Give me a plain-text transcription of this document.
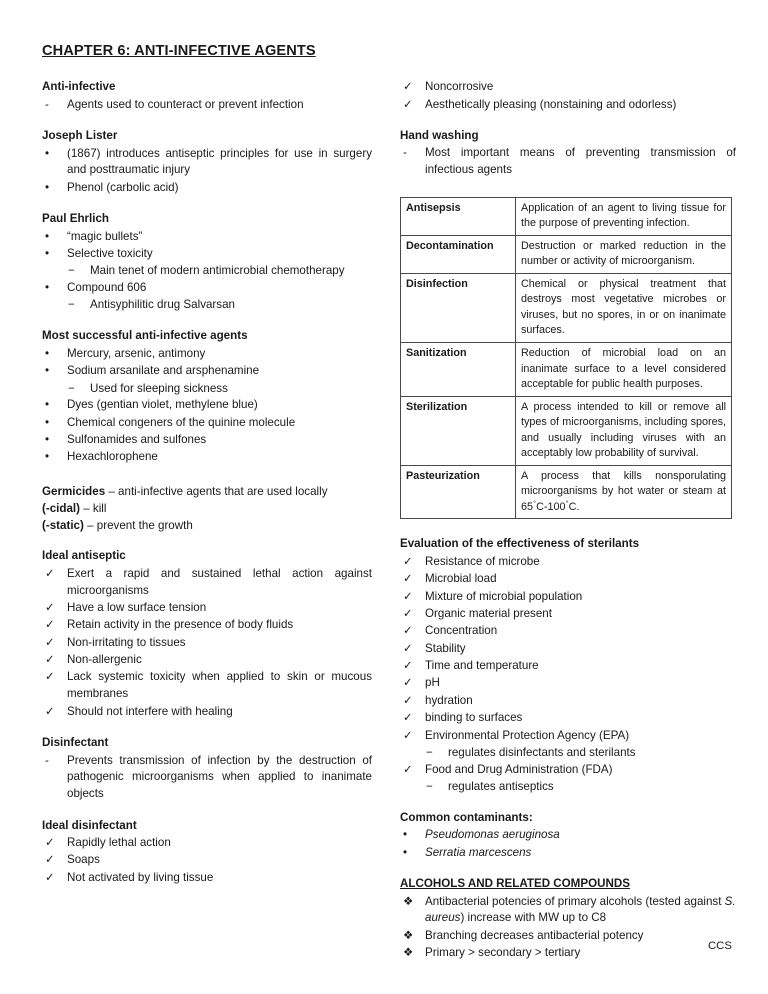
CHAPTER 6: ANTI-INFECTIVE AGENTS
Anti-infective
-	Agents used to counteract or prevent infection
Joseph Lister
•	(1867) introduces antiseptic principles for use in surgery and posttraumatic injury
•	Phenol (carbolic acid)
Paul Ehrlich
•	“magic bullets”
•	Selective toxicity
− Main tenet of modern antimicrobial chemotherapy
•	Compound 606
− Antisyphilitic drug Salvarsan
Most successful anti-infective agents
•	Mercury, arsenic, antimony
•	Sodium arsanilate and arsphenamine
− Used for sleeping sickness
•	Dyes (gentian violet, methylene blue)
•	Chemical congeners of the quinine molecule
•	Sulfonamides and sulfones
•	Hexachlorophene
Germicides – anti-infective agents that are used locally
(-cidal) – kill
(-static) – prevent the growth
Ideal antiseptic
✓	Exert a rapid and sustained lethal action against microorganisms
✓	Have a low surface tension
✓	Retain activity in the presence of body fluids
✓	Non-irritating to tissues
✓	Non-allergenic
✓	Lack systemic toxicity when applied to skin or mucous membranes
✓	Should not interfere with healing
Disinfectant
-	Prevents transmission of infection by the destruction of pathogenic microorganisms when applied to inanimate objects
Ideal disinfectant
✓	Rapidly lethal action
✓	Soaps
✓	Not activated by living tissue
✓	Noncorrosive
✓	Aesthetically pleasing (nonstaining and odorless)
Hand washing
-	Most important means of preventing transmission of infectious agents
Antisepsis	Application of an agent to living tissue for the purpose of preventing infection.
Decontamination	Destruction or marked reduction in the number or activity of microorganism.
Disinfection	Chemical or physical treatment that destroys most vegetative microbes or viruses, but no spores, in or on inanimate surfaces.
Sanitization	Reduction of microbial load on an inanimate surface to a level considered acceptable for public health purposes.
Sterilization	A process intended to kill or remove all types of microorganisms, including spores, and usually including viruses with an acceptably low probability of survival.
Pasteurization	A process that kills nonsporulating microorganisms by hot water or steam at 65°C-100°C.
Evaluation of the effectiveness of sterilants
✓	Resistance of microbe
✓	Microbial load
✓	Mixture of microbial population
✓	Organic material present
✓	Concentration
✓	Stability
✓	Time and temperature
✓	pH
✓	hydration
✓	binding to surfaces
✓	Environmental Protection Agency (EPA)
− regulates disinfectants and sterilants
✓	Food and Drug Administration (FDA)
− regulates antiseptics
Common contaminants:
•	Pseudomonas aeruginosa
•	Serratia marcescens
ALCOHOLS AND RELATED COMPOUNDS
❖ Antibacterial potencies of primary alcohols (tested against S. aureus) increase with MW up to C8
❖ Branching decreases antibacterial potency
❖ Primary > secondary > tertiary
CCS
